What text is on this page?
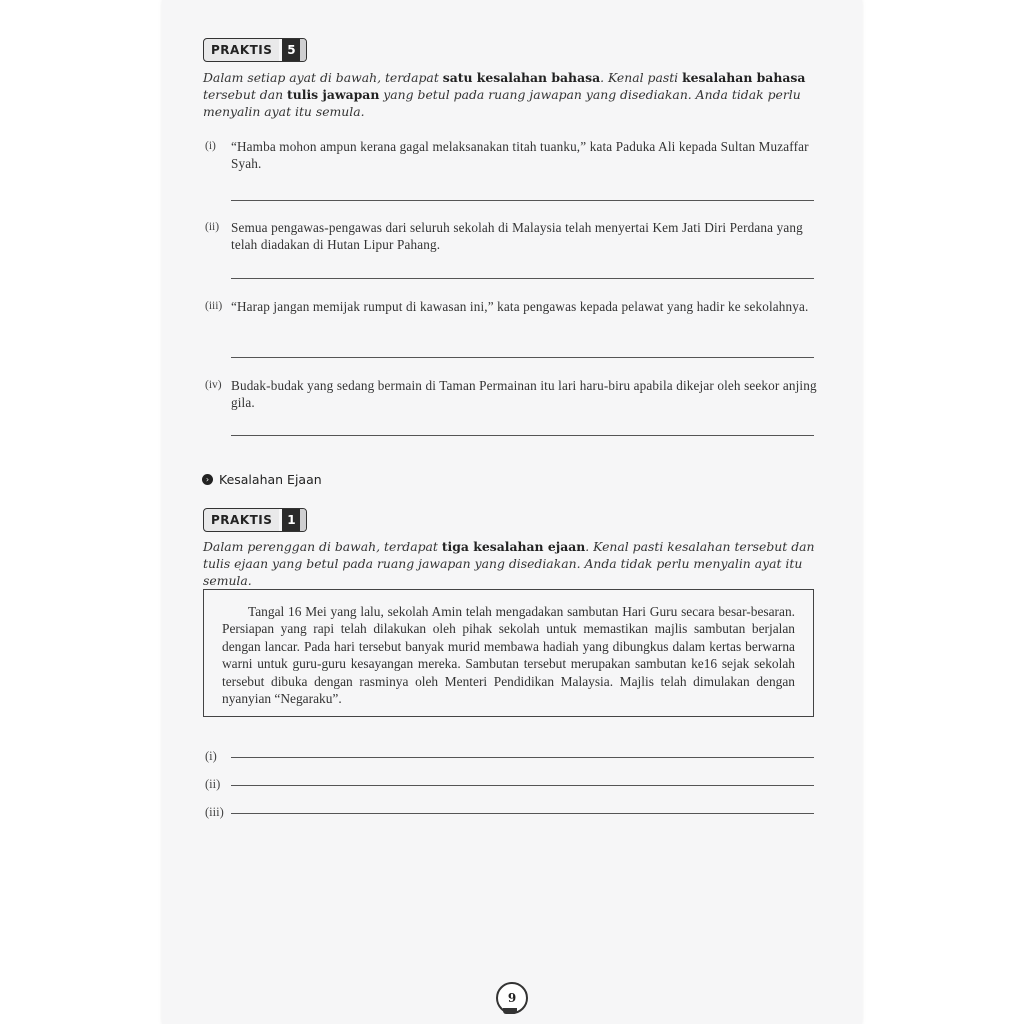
PRAKTIS	5
Dalam setiap ayat di bawah, terdapat satu kesalahan bahasa. Kenal pasti kesalahan bahasa tersebut dan tulis jawapan yang betul pada ruang jawapan yang disediakan. Anda tidak perlu menyalin ayat itu semula.
(i) “Hamba mohon ampun kerana gagal melaksanakan titah tuanku,” kata Paduka Ali kepada Sultan Muzaffar Syah.
(ii) Semua pengawas-pengawas dari seluruh sekolah di Malaysia telah menyertai Kem Jati Diri Perdana yang telah diadakan di Hutan Lipur Pahang.
(iii) “Harap jangan memijak rumput di kawasan ini,” kata pengawas kepada pelawat yang hadir ke sekolahnya.
(iv) Budak-budak yang sedang bermain di Taman Permainan itu lari haru-biru apabila dikejar oleh seekor anjing gila.
› Kesalahan Ejaan
PRAKTIS	1
Dalam perenggan di bawah, terdapat tiga kesalahan ejaan. Kenal pasti kesalahan tersebut dan tulis ejaan yang betul pada ruang jawapan yang disediakan. Anda tidak perlu menyalin ayat itu semula.

Tangal 16 Mei yang lalu, sekolah Amin telah mengadakan sambutan Hari Guru secara besar-besaran. Persiapan yang rapi telah dilakukan oleh pihak sekolah untuk memastikan majlis sambutan berjalan dengan lancar. Pada hari tersebut banyak murid membawa hadiah yang dibungkus dalam kertas berwarna warni untuk guru-guru kesayangan mereka. Sambutan tersebut merupakan sambutan ke16 sejak sekolah tersebut dibuka dengan rasminya oleh Menteri Pendidikan Malaysia. Majlis telah dimulakan dengan nyanyian “Negaraku”.

(i)
(ii)
(iii)
9
